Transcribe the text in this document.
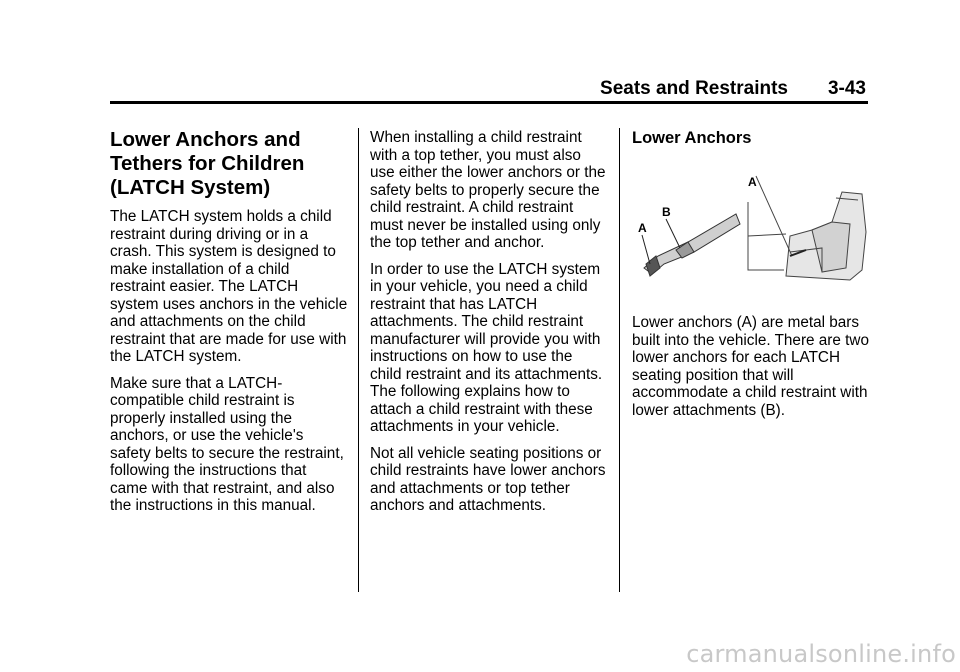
Seats and Restraints 3-43
Lower Anchors and
Tethers for Children
(LATCH System)

The LATCH system holds a child restraint during driving or in a crash. This system is designed to make installation of a child restraint easier. The LATCH system uses anchors in the vehicle and attachments on the child restraint that are made for use with the LATCH system.

Make sure that a LATCH-compatible child restraint is properly installed using the anchors, or use the vehicle's safety belts to secure the restraint, following the instructions that came with that restraint, and also the instructions in this manual.

When installing a child restraint with a top tether, you must also use either the lower anchors or the safety belts to properly secure the child restraint. A child restraint must never be installed using only the top tether and anchor.

In order to use the LATCH system in your vehicle, you need a child restraint that has LATCH attachments. The child restraint manufacturer will provide you with instructions on how to use the child restraint and its attachments. The following explains how to attach a child restraint with these attachments in your vehicle.

Not all vehicle seating positions or child restraints have lower anchors and attachments or top tether anchors and attachments.

Lower Anchors
A
B
A
Lower anchors (A) are metal bars built into the vehicle. There are two lower anchors for each LATCH seating position that will accommodate a child restraint with lower attachments (B).
carmanualsonline.info
